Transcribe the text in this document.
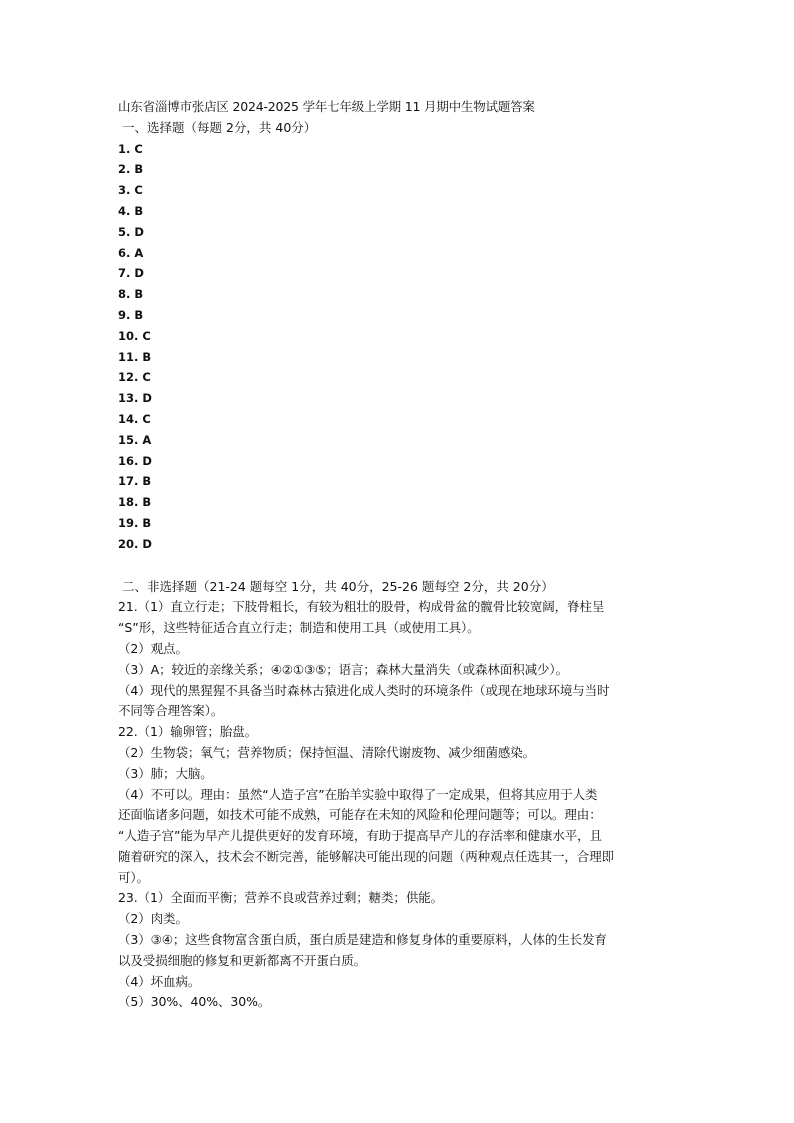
山东省淄博市张店区 2024-2025 学年七年级上学期 11 月期中生物试题答案
一、选择题（每题 2分，共 40分）
1. C
2. B
3. C
4. B
5. D
6. A
7. D
8. B
9. B
10. C
11. B
12. C
13. D
14. C
15. A
16. D
17. B
18. B
19. B
20. D
二、非选择题（21-24 题每空 1分，共 40分，25-26 题每空 2分，共 20分）
21.（1）直立行走；下肢骨粗长，有较为粗壮的股骨，构成骨盆的髋骨比较宽阔，脊柱呈
“S”形，这些特征适合直立行走；制造和使用工具（或使用工具）。
（2）观点。
（3）A；较近的亲缘关系；④②①③⑤；语言；森林大量消失（或森林面积减少）。
（4）现代的黑猩猩不具备当时森林古猿进化成人类时的环境条件（或现在地球环境与当时
不同等合理答案）。
22.（1）输卵管；胎盘。
（2）生物袋；氧气；营养物质；保持恒温、清除代谢废物、减少细菌感染。
（3）肺；大脑。
（4）不可以。理由：虽然“人造子宫”在胎羊实验中取得了一定成果，但将其应用于人类
还面临诸多问题，如技术可能不成熟，可能存在未知的风险和伦理问题等；可以。理由：
“人造子宫”能为早产儿提供更好的发育环境，有助于提高早产儿的存活率和健康水平，且
随着研究的深入，技术会不断完善，能够解决可能出现的问题（两种观点任选其一，合理即
可）。
23.（1）全面而平衡；营养不良或营养过剩；糖类；供能。
（2）肉类。
（3）③④；这些食物富含蛋白质，蛋白质是建造和修复身体的重要原料，人体的生长发育
以及受损细胞的修复和更新都离不开蛋白质。
（4）坏血病。
（5）30%、40%、30%。
